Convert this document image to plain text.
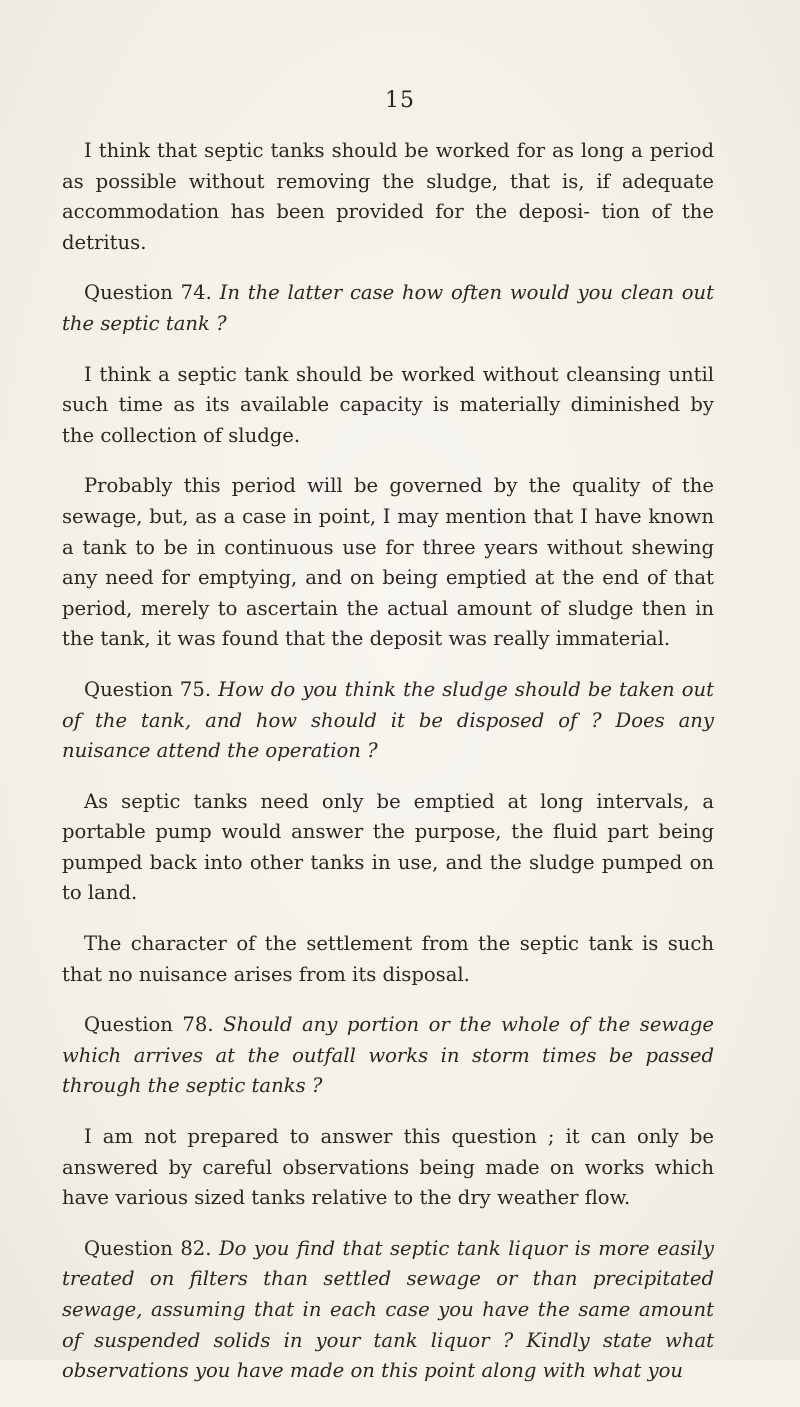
15

I think that septic tanks should be worked for as long a period as possible without removing the sludge, that is, if adequate accommodation has been provided for the deposi- tion of the detritus.

Question 74. In the latter case how often would you clean out the septic tank ?

I think a septic tank should be worked without cleansing until such time as its available capacity is materially diminished by the collection of sludge.

Probably this period will be governed by the quality of the sewage, but, as a case in point, I may mention that I have known a tank to be in continuous use for three years without shewing any need for emptying, and on being emptied at the end of that period, merely to ascertain the actual amount of sludge then in the tank, it was found that the deposit was really immaterial.

Question 75. How do you think the sludge should be taken out of the tank, and how should it be disposed of ? Does any nuisance attend the operation ?

As septic tanks need only be emptied at long intervals, a portable pump would answer the purpose, the fluid part being pumped back into other tanks in use, and the sludge pumped on to land.

The character of the settlement from the septic tank is such that no nuisance arises from its disposal.

Question 78. Should any portion or the whole of the sewage which arrives at the outfall works in storm times be passed through the septic tanks ?

I am not prepared to answer this question ; it can only be answered by careful observations being made on works which have various sized tanks relative to the dry weather flow.

Question 82. Do you find that septic tank liquor is more easily treated on filters than settled sewage or than precipitated sewage, assuming that in each case you have the same amount of suspended solids in your tank liquor ? Kindly state what observations you have made on this point along with what you
